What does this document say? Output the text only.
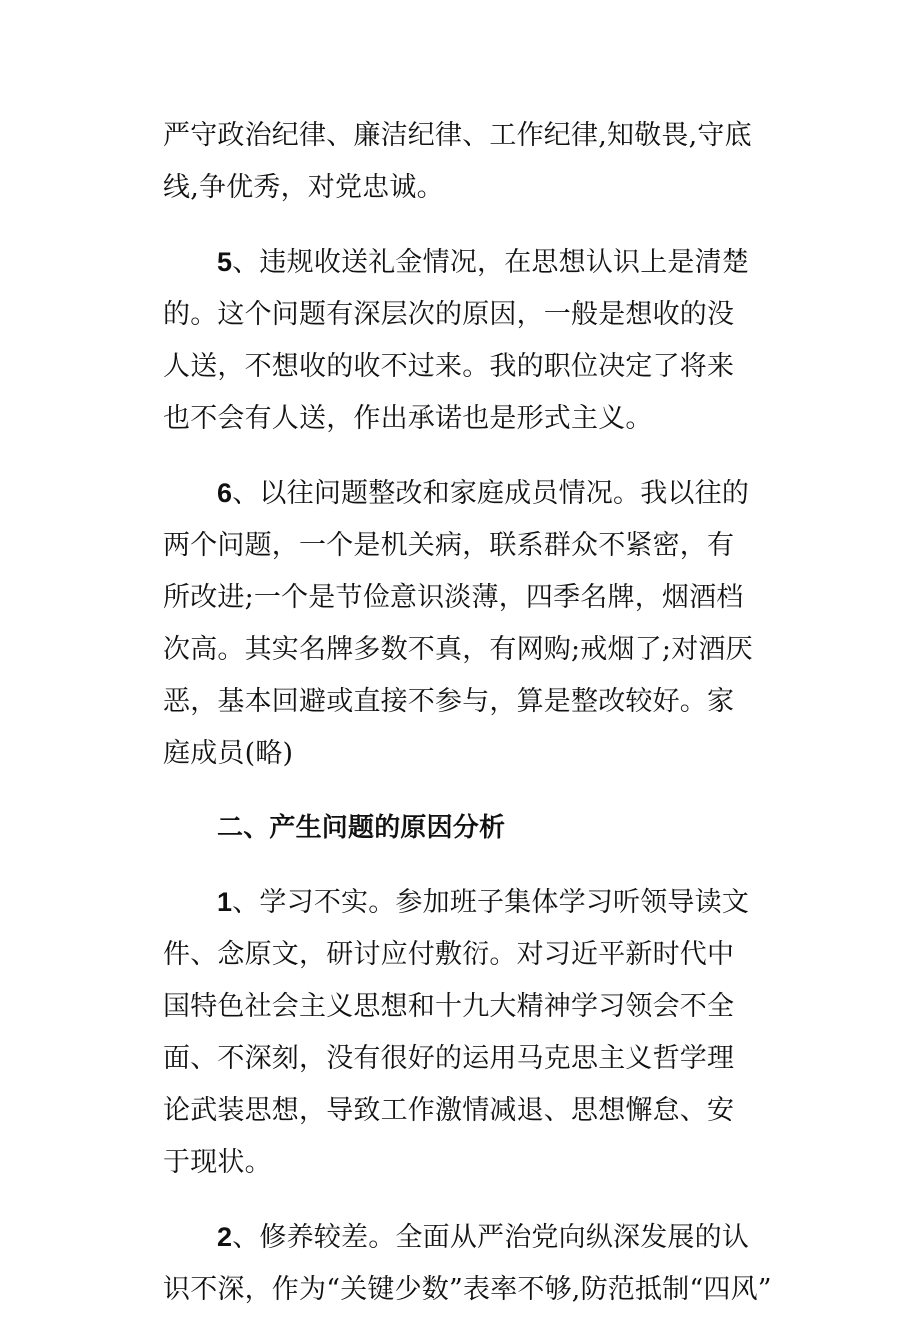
严守政治纪律、廉洁纪律、工作纪律,知敬畏,守底
线,争优秀，对党忠诚。
5、违规收送礼金情况，在思想认识上是清楚
的。这个问题有深层次的原因，一般是想收的没
人送，不想收的收不过来。我的职位决定了将来
也不会有人送，作出承诺也是形式主义。
6、以往问题整改和家庭成员情况。我以往的
两个问题，一个是机关病，联系群众不紧密，有
所改进;一个是节俭意识淡薄，四季名牌，烟酒档
次高。其实名牌多数不真，有网购;戒烟了;对酒厌
恶，基本回避或直接不参与，算是整改较好。家
庭成员(略)
二、产生问题的原因分析
1、学习不实。参加班子集体学习听领导读文
件、念原文，研讨应付敷衍。对习近平新时代中
国特色社会主义思想和十九大精神学习领会不全
面、不深刻，没有很好的运用马克思主义哲学理
论武装思想，导致工作激情减退、思想懈怠、安
于现状。
2、修养较差。全面从严治党向纵深发展的认
识不深，作为“关键少数”表率不够,防范抵制“四风”
